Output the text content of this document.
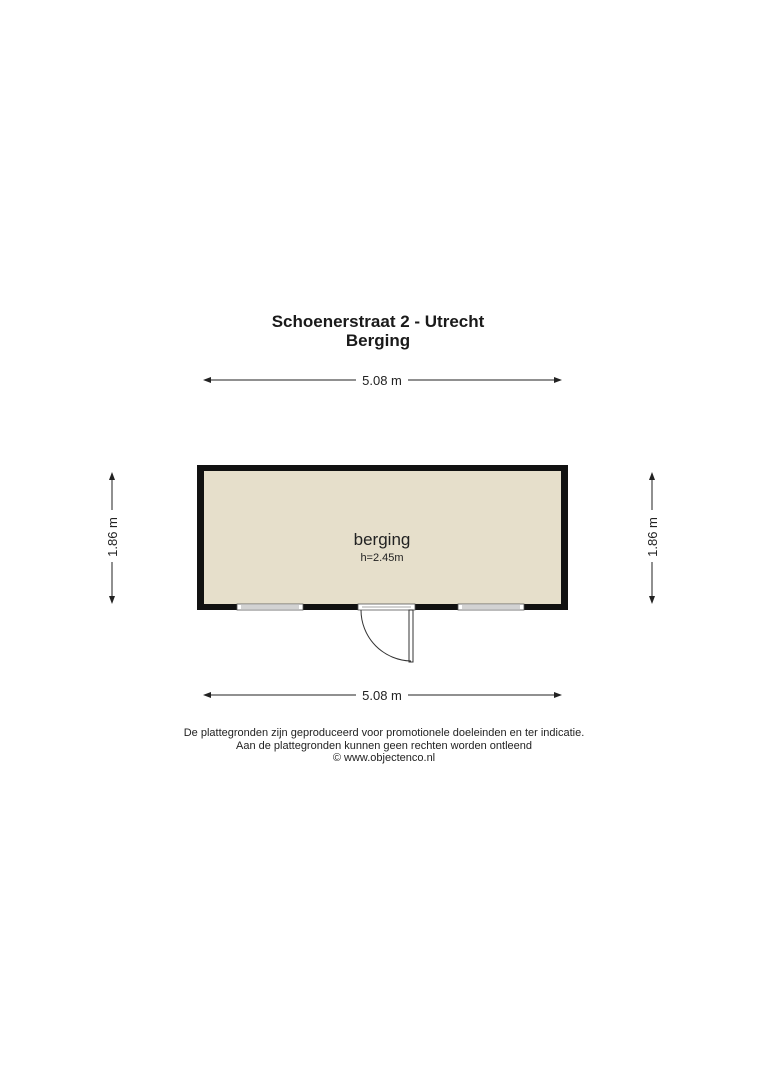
Schoenerstraat 2 - Utrecht
Berging
5.08 m
5.08 m
1.86 m	1.86 m
berging
h=2.45m
De plattegronden zijn geproduceerd voor promotionele doeleinden en ter indicatie.
Aan de plattegronden kunnen geen rechten worden ontleend
© www.objectenco.nl
